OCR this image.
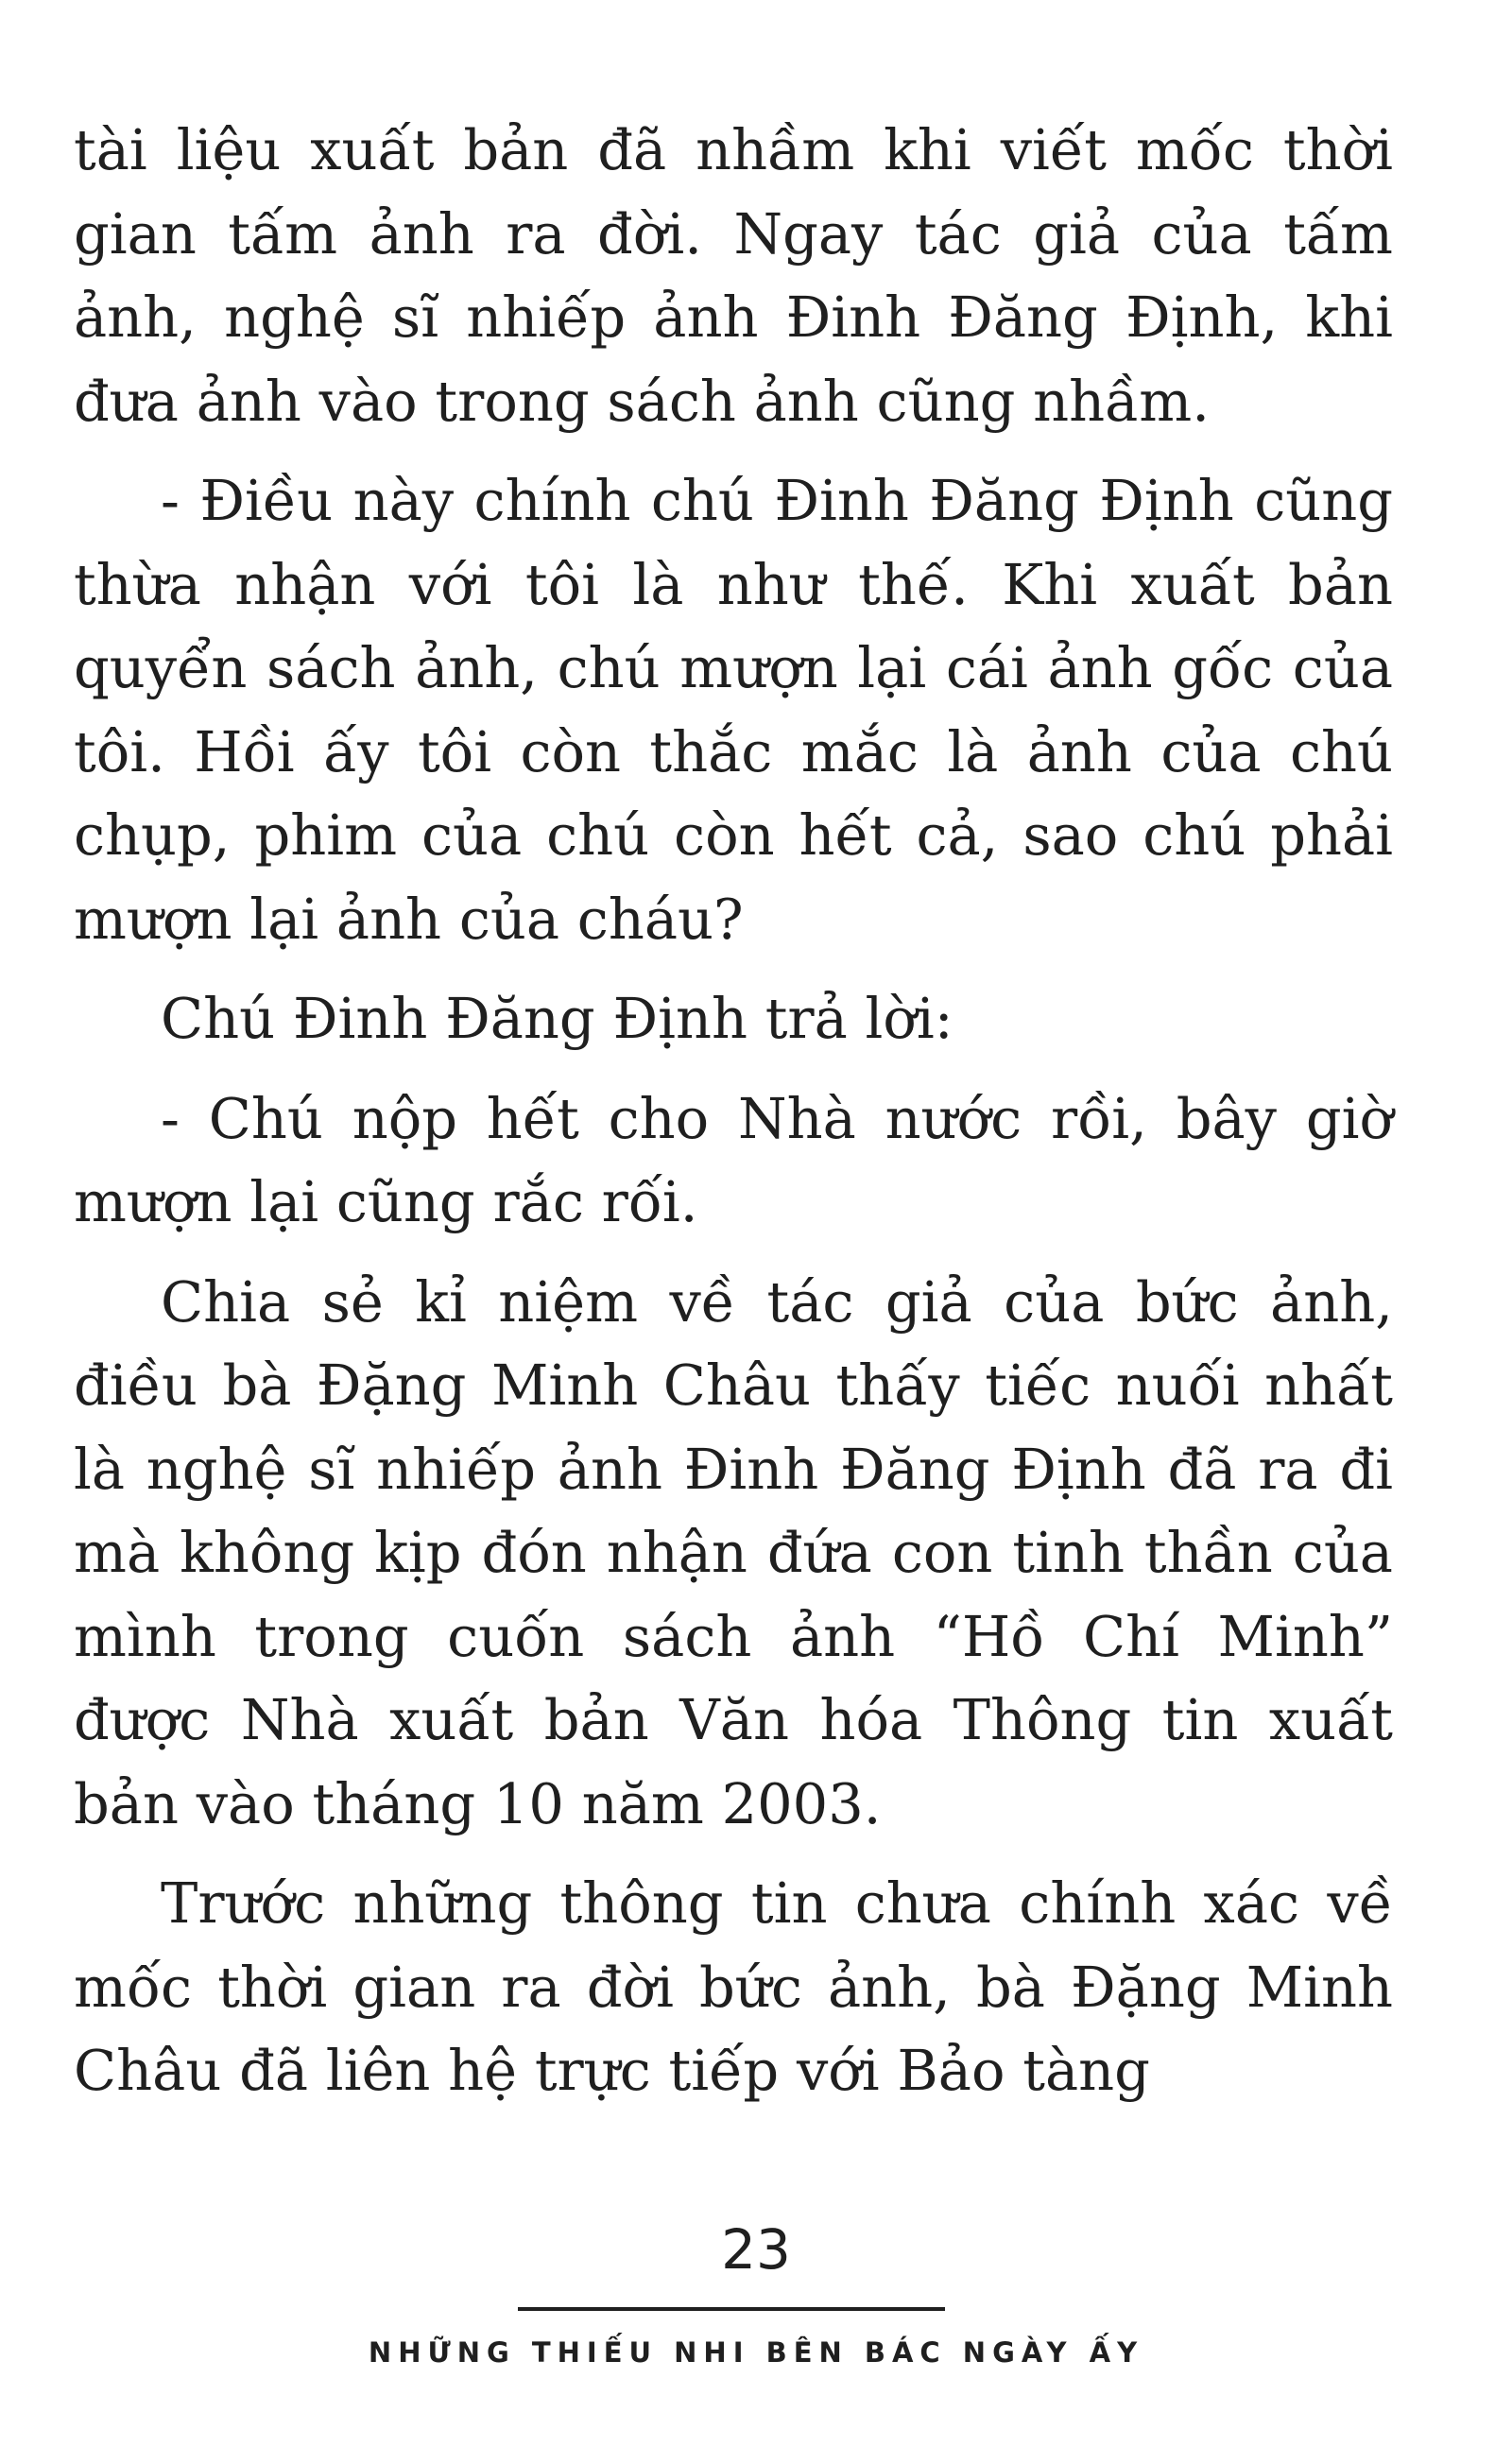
tài liệu xuất bản đã nhầm khi viết mốc thời gian tấm ảnh ra đời. Ngay tác giả của tấm ảnh, nghệ sĩ nhiếp ảnh Đinh Đăng Định, khi đưa ảnh vào trong sách ảnh cũng nhầm.

- Điều này chính chú Đinh Đăng Định cũng thừa nhận với tôi là như thế. Khi xuất bản quyển sách ảnh, chú mượn lại cái ảnh gốc của tôi. Hồi ấy tôi còn thắc mắc là ảnh của chú chụp, phim của chú còn hết cả, sao chú phải mượn lại ảnh của cháu?

Chú Đinh Đăng Định trả lời:

- Chú nộp hết cho Nhà nước rồi, bây giờ mượn lại cũng rắc rối.

Chia sẻ kỉ niệm về tác giả của bức ảnh, điều bà Đặng Minh Châu thấy tiếc nuối nhất là nghệ sĩ nhiếp ảnh Đinh Đăng Định đã ra đi mà không kịp đón nhận đứa con tinh thần của mình trong cuốn sách ảnh “Hồ Chí Minh” được Nhà xuất bản Văn hóa Thông tin xuất bản vào tháng 10 năm 2003.

Trước những thông tin chưa chính xác về mốc thời gian ra đời bức ảnh, bà Đặng Minh Châu đã liên hệ trực tiếp với Bảo tàng

23
NHỮNG THIẾU NHI BÊN BÁC NGÀY ẤY
